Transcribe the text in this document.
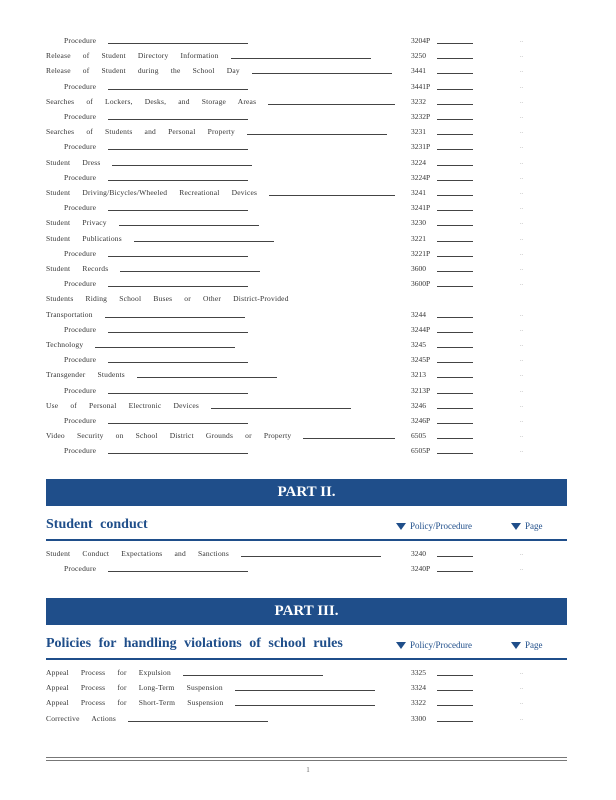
Procedure	3204P	..
Release of Student Directory Information	3250	..
Release of Student during the School Day	3441	..
Procedure	3441P	..
Searches of Lockers, Desks, and Storage Areas	3232	..
Procedure	3232P	..
Searches of Students and Personal Property	3231	..
Procedure	3231P	..
Student Dress	3224	..
Procedure	3224P	..
Student Driving/Bicycles/Wheeled Recreational Devices	3241	..
Procedure	3241P	..
Student Privacy	3230	..
Student Publications	3221	..
Procedure	3221P	..
Student Records	3600	..
Procedure	3600P	..
Students Riding School Buses or Other District-Provided
Transportation	3244	..
Procedure	3244P	..
Technology	3245	..
Procedure	3245P	..
Transgender Students	3213	..
Procedure	3213P	..
Use of Personal Electronic Devices	3246	..
Procedure	3246P	..
Video Security on School District Grounds or Property	6505	..
Procedure	6505P	..
PART II.
Student conduct	Policy/Procedure	Page
Student Conduct Expectations and Sanctions	3240	..
Procedure	3240P	..
PART III.
Policies for handling violations of school rules	Policy/Procedure	Page
Appeal Process for Expulsion	3325	..
Appeal Process for Long-Term Suspension	3324	..
Appeal Process for Short-Term Suspension	3322	..
Corrective Actions	3300	..
1
